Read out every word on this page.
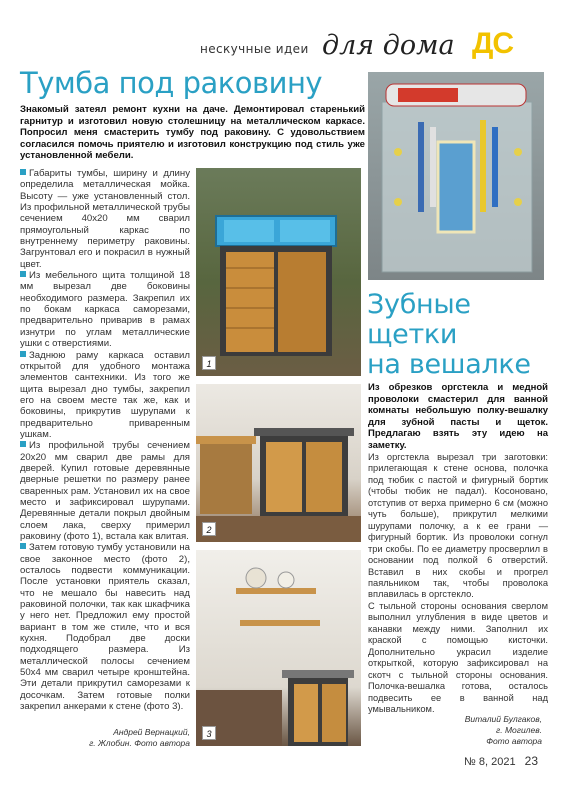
нескучные идеи для дома ДС
Тумба под раковину
Знакомый затеял ремонт кухни на даче. Демонтировал старенький гарнитур и изготовил новую столешницу на металлическом каркасе. Попросил меня смастерить тумбу под раковину. С удовольствием согласился помочь приятелю и изготовил конструкцию под стиль уже установленной мебели.

Габариты тумбы, ширину и длину определила металлическая мойка. Высоту — уже установленный стол. Из профильной металлической трубы сечением 40х20 мм сварил прямоугольный каркас по внутреннему периметру раковины. Загрунтовал его и покрасил в нужный цвет.

Из мебельного щита толщиной 18 мм вырезал две боковины необходимого размера. Закрепил их по бокам каркаса саморезами, предварительно приварив в рамах изнутри по углам металлические ушки с отверстиями.

Заднюю раму каркаса оставил открытой для удобного монтажа элементов сантехники. Из того же щита вырезал дно тумбы, закрепил его на своем месте так же, как и боковины, прикрутив шурупами к предварительно приваренным ушкам.

Из профильной трубы сечением 20х20 мм сварил две рамы для дверей. Купил готовые деревянные дверные решетки по размеру ранее сваренных рам. Установил их на свое место и зафиксировал шурупами. Деревянные детали покрыл двойным слоем лака, сверху примерил раковину (фото 1), встала как влитая.

Затем готовую тумбу установили на свое законное место (фото 2), осталось подвести коммуникации. После установки приятель сказал, что не мешало бы навесить над раковиной полочки, так как шкафчика у него нет. Предложил ему простой вариант в том же стиле, что и вся кухня. Подобрал две доски подходящего размера. Из металлической полосы сечением 50х4 мм сварил четыре кронштейна. Эти детали прикрутил саморезами к досочкам. Затем готовые полки закрепил анкерами к стене (фото 3).

Андрей Вернацкий,
г. Жлобин. Фото автора
1
2
3
Зубные
щетки
на вешалке
Из обрезков оргстекла и медной проволоки смастерил для ванной комнаты небольшую полку-вешалку для зубной пасты и щеток. Предлагаю взять эту идею на заметку.

Из оргстекла вырезал три заготовки: прилегающая к стене основа, полочка под тюбик с пастой и фигурный бортик (чтобы тюбик не падал). Косоновано, отступив от верха примерно 6 см (можно чуть больше), прикрутил мелкими шурупами полочку, а к ее грани — фигурный бортик. Из проволоки согнул три скобы. По ее диаметру просверлил в основании под полкой 6 отверстий. Вставил в них скобы и прогрел паяльником так, чтобы проволока вплавилась в оргстекло.

С тыльной стороны основания сверлом выполнил углубления в виде цветов и канавки между ними. Заполнил их краской с помощью кисточки. Дополнительно украсил изделие открыткой, которую зафиксировал на скотч с тыльной стороны основания. Полочка-вешалка готова, осталось подвесить ее в ванной над умывальником.

Виталий Булгаков,
г. Могилев.
Фото автора
№ 8, 2021 23
